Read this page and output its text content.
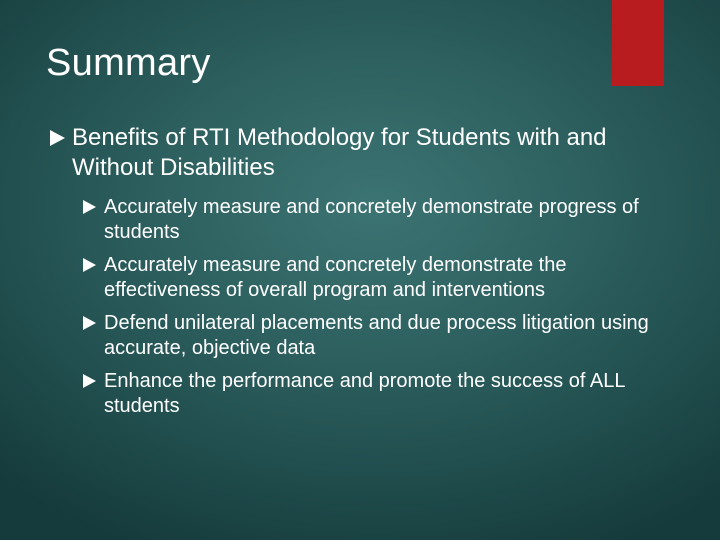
Summary
Benefits of RTI Methodology for Students with and Without Disabilities
Accurately measure and concretely demonstrate progress of students
Accurately measure and concretely demonstrate the effectiveness of overall program and interventions
Defend unilateral placements and due process litigation using accurate, objective data
Enhance the performance and promote the success of ALL students
